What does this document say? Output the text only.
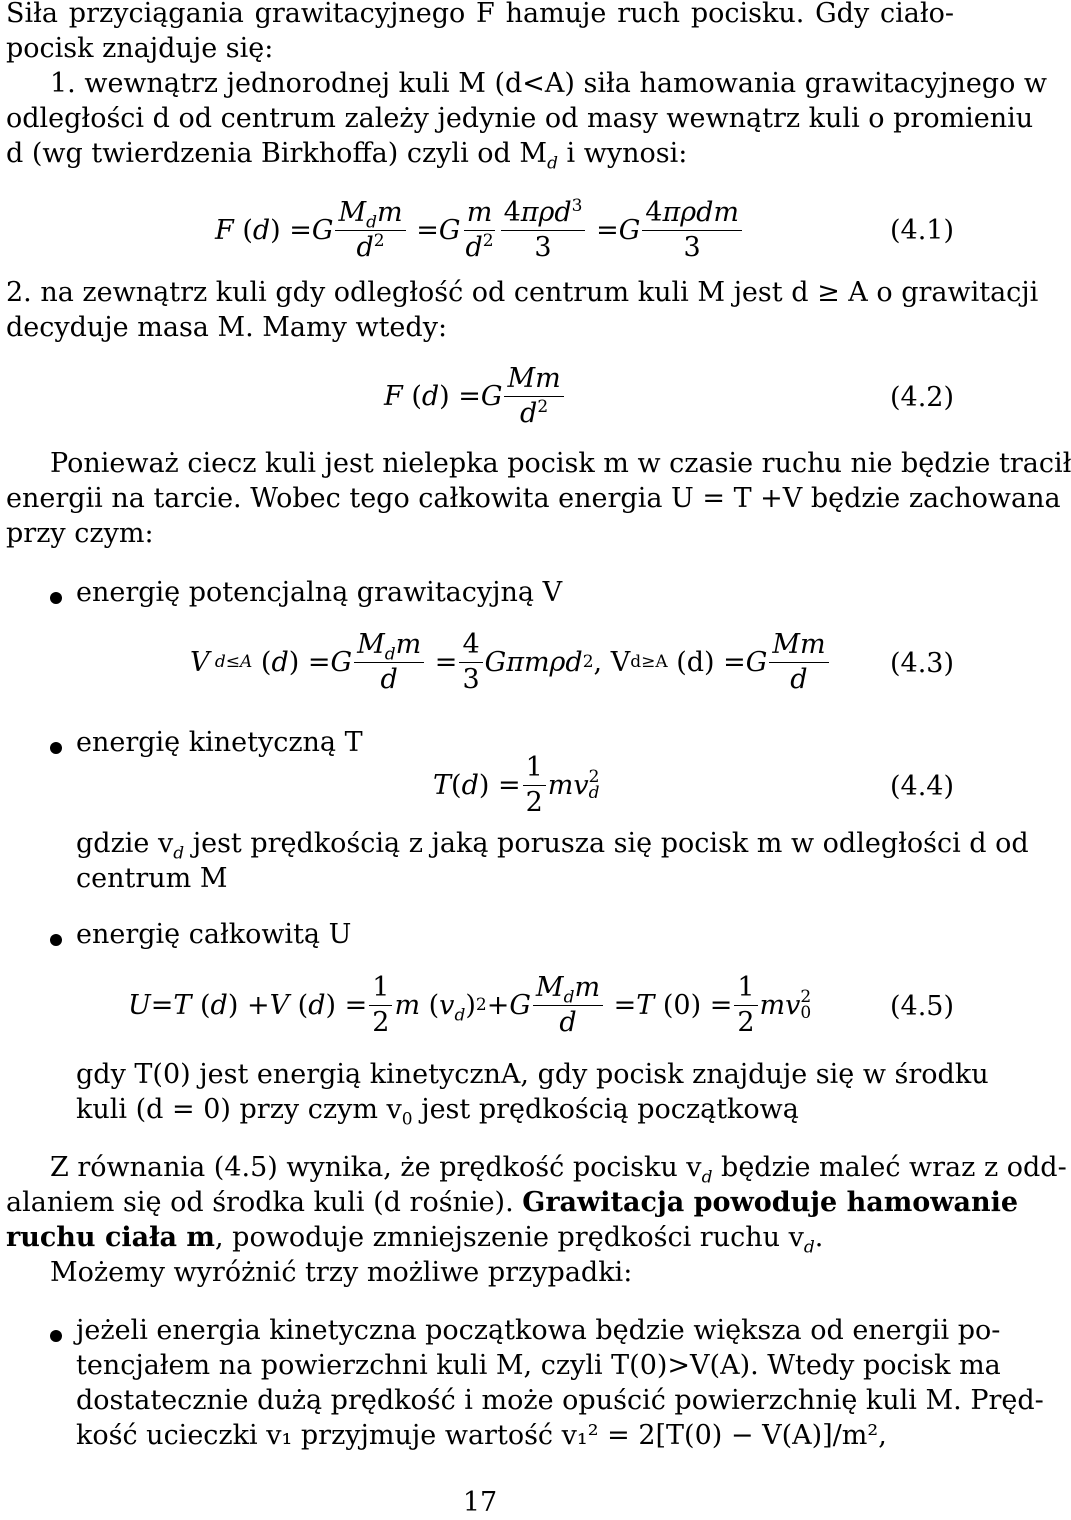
Siła przyciągania grawitacyjnego F hamuje ruch pocisku. Gdy ciało-
pocisk znajduje się:
1. wewnątrz jednorodnej kuli M (d<A) siła hamowania grawitacyjnego w
odległości d od centrum zależy jedynie od masy wewnątrz kuli o promieniu
d (wg twierdzenia Birkhoffa) czyli od $M_d$ i wynosi:
F ( d ) = G $\frac{M_dm}{d^2} = G \frac{m}{d^2} \frac{4\pi\rho d^3}{3} = G \frac{\text{4πρdm}}{3}$	(4.1)
2. na zewnątrz kuli gdy odległość od centrum kuli M jest d ≥ A o grawitacji
decyduje masa M. Mamy wtedy:
F ( d ) = G $\frac{Mm}{d^2}$	(4.2)
Ponieważ ciecz kuli jest nielepka pocisk m w czasie ruchu nie będzie tracił
energii na tarcie. Wobec tego całkowita energia U = T +V będzie zachowana
przy czym:
energię potencjalną grawitacyjną V
V d≤A ( d ) = G $\frac{M_dm}{d} = \frac{4}{3}$ Gπmρd 2 , V d≥A (d) = G $\frac{Mm}{d} (4.3)$
energię kinetyczną T
T ( d ) = $\frac{1}{2}$ mv 2
d	(4.4)
gdzie $v_d$ jest prędkością z jaką porusza się pocisk m w odległości d od
centrum M
energię całkowitą U
U = T ( d ) + V ( d ) = $\frac{1}{2}$ m ( $v_d$ ) 2 + G $\frac{M_dm}{d} = T$ $(0) = \frac{1}{2}$ mv 2
0	(4.5)
gdy T(0) jest energią kinetycznA, gdy pocisk znajduje się w środku
kuli (d = 0) przy czym $v_0$ jest prędkością początkową
Z równania (4.5) wynika, że prędkość pocisku $v_d$ będzie maleć wraz z odd-
alaniem się od środka kuli (d rośnie). Grawitacja powoduje hamowanie
ruchu ciała m, powoduje zmniejszenie prędkości ruchu $v_d$.
Możemy wyróżnić trzy możliwe przypadki:
jeżeli energia kinetyczna początkowa będzie większa od energii po-
tencjałem na powierzchni kuli M, czyli T(0)>V(A). Wtedy pocisk ma
dostatecznie dużą prędkość i może opuścić powierzchnię kuli M. Pręd-
kość ucieczki v₁ przyjmuje wartość v₁² = 2[T(0) − V(A)]/m²,
17
